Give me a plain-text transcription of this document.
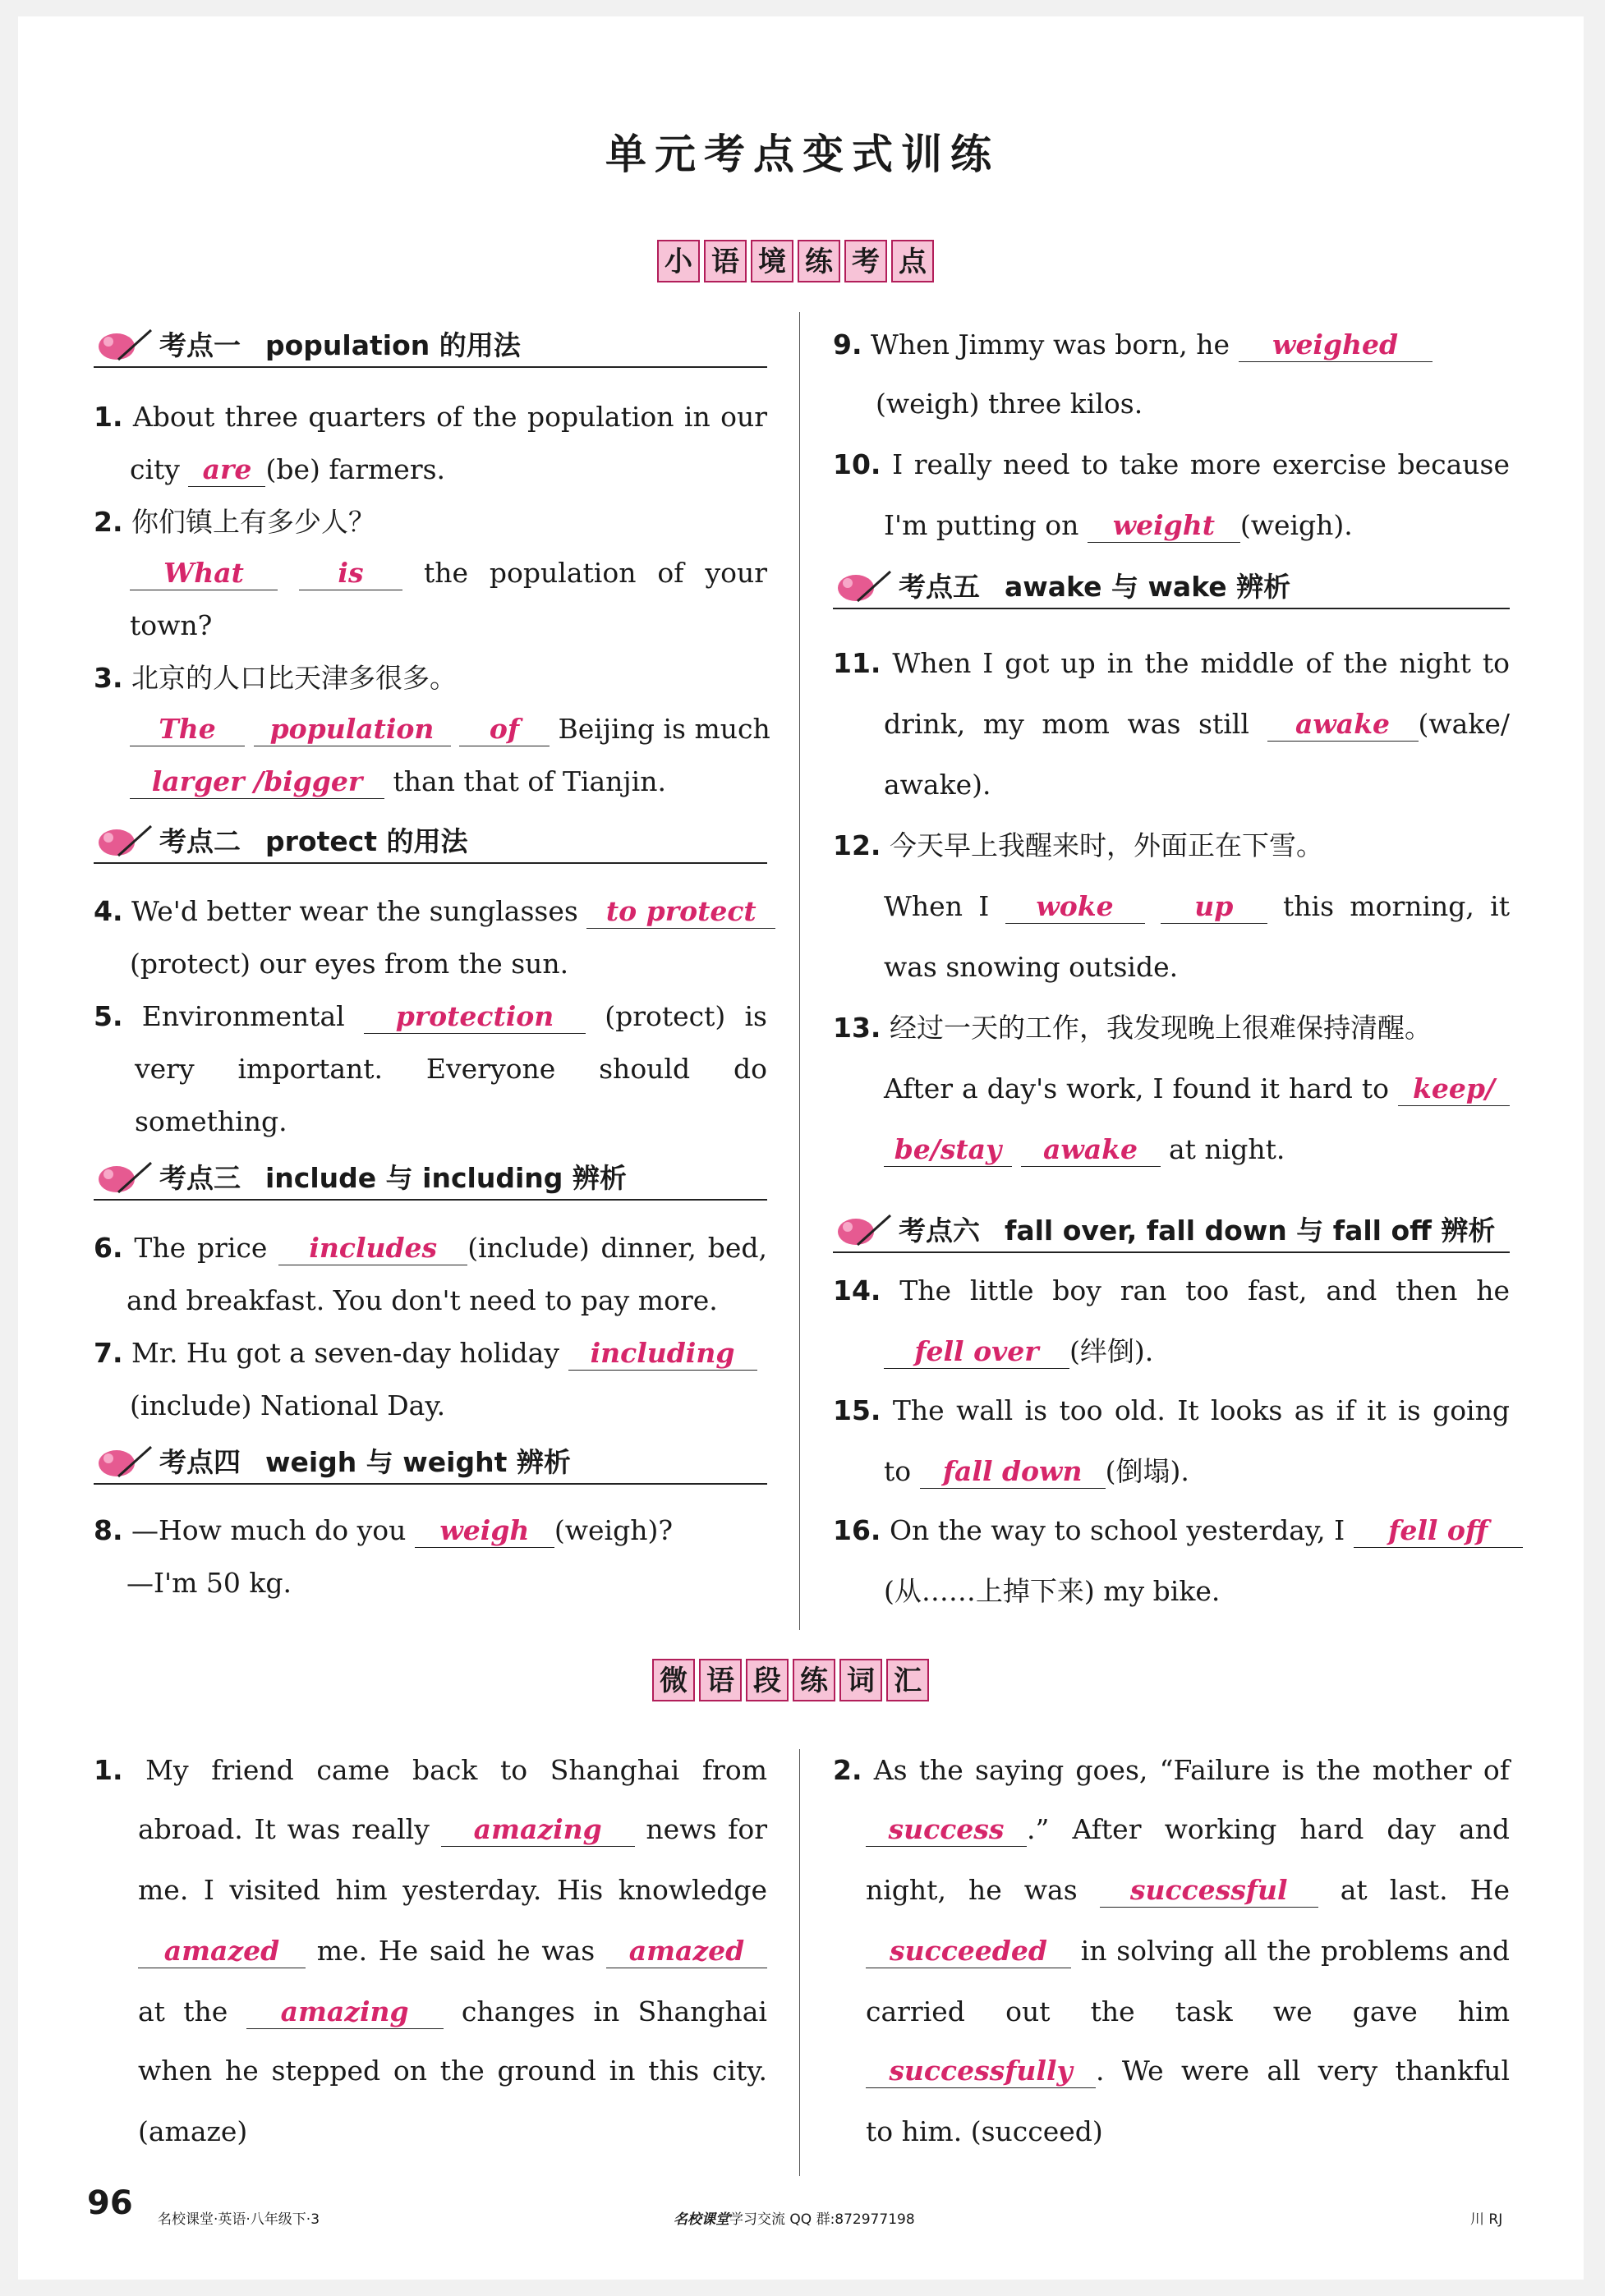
单元考点变式训练
小 语 境 练 考 点
考点一 population 的用法
1. About three quarters of the population in our
city are (be) farmers.
2. 你们镇上有多少人？
What	is the population of your
town?
3. 北京的人口比天津多很多。
The population of Beijing is much
larger /bigger than that of Tianjin.
考点二 protect 的用法
4. We'd better wear the sunglasses to protect
(protect) our eyes from the sun.
5. Environmental protection (protect) is
very important. Everyone should do
something.
考点三 include 与 including 辨析
6. The price includes (include) dinner, bed,
and breakfast. You don't need to pay more.
7. Mr. Hu got a seven-day holiday including
(include) National Day.
考点四 weigh 与 weight 辨析
8. —How much do you weigh (weigh)?
—I'm 50 kg.
9. When Jimmy was born, he weighed
(weigh) three kilos.
10. I really need to take more exercise because
I'm putting on weight (weigh).
考点五 awake 与 wake 辨析
11. When I got up in the middle of the night to
drink, my mom was still awake (wake/
awake).
12. 今天早上我醒来时，外面正在下雪。
When I woke	up this morning, it
was snowing outside.
13. 经过一天的工作，我发现晚上很难保持清醒。
After a day's work, I found it hard to keep/
be/stay awake at night.
考点六 fall over, fall down 与 fall off 辨析
14. The little boy ran too fast, and then he
fell over (绊倒).
15. The wall is too old. It looks as if it is going
to fall down (倒塌).
16. On the way to school yesterday, I fell off
(从……上掉下来) my bike.
微 语 段 练 词 汇
1. My friend came back to Shanghai from
abroad. It was really amazing news for
me. I visited him yesterday. His knowledge
amazed me. He said he was amazed
at the amazing changes in Shanghai
when he stepped on the ground in this city.
(amaze)
2. As the saying goes, “Failure is the mother of
success .” After working hard day and
night, he was successful at last. He
succeeded in solving all the problems and
carried out the task we gave him
successfully . We were all very thankful
to him. (succeed)
96 名校课堂·英语·八年级下·3	名校课堂学习交流 QQ 群:872977198	川 RJ
